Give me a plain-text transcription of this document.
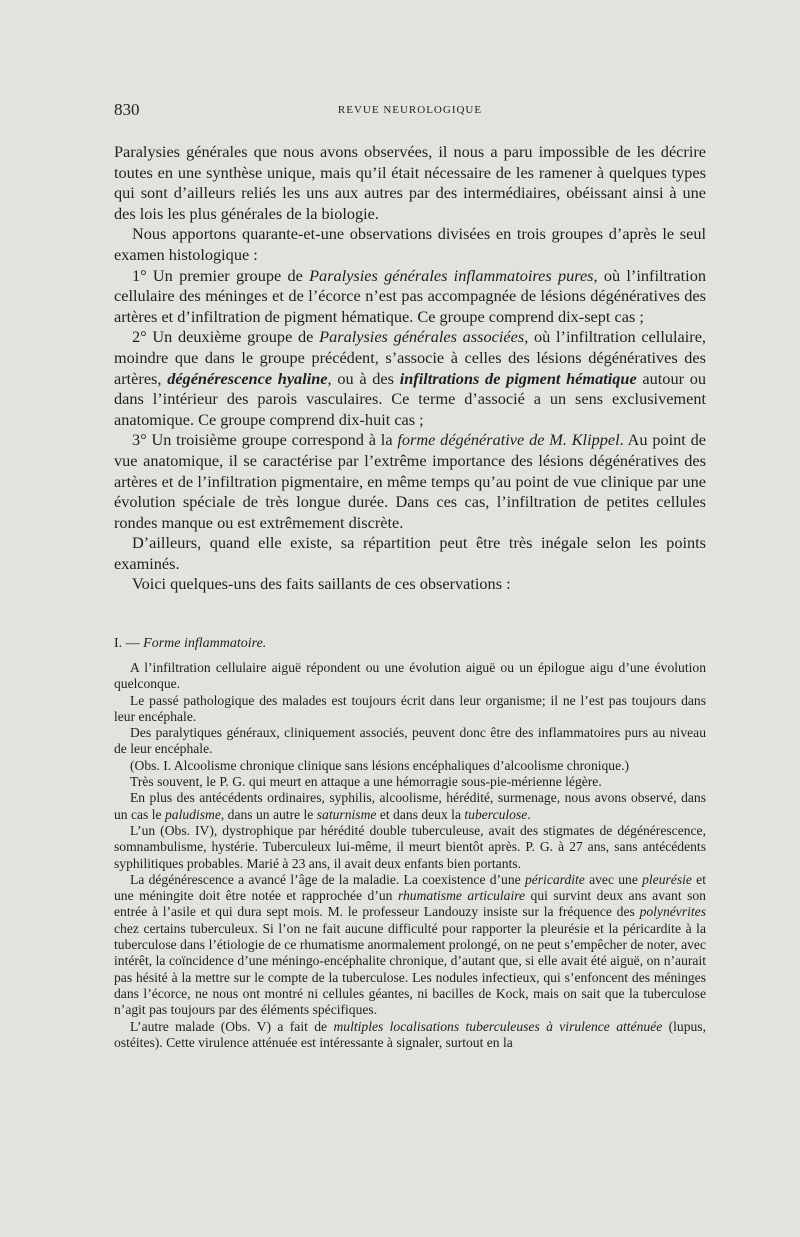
830	REVUE NEUROLOGIQUE

Paralysies générales que nous avons observées, il nous a paru impossible de les décrire toutes en une synthèse unique, mais qu’il était nécessaire de les ramener à quelques types qui sont d’ailleurs reliés les uns aux autres par des intermédiaires, obéissant ainsi à une des lois les plus générales de la biologie.

Nous apportons quarante-et-une observations divisées en trois groupes d’après le seul examen histologique :

1° Un premier groupe de Paralysies générales inflammatoires pures, où l’infiltration cellulaire des méninges et de l’écorce n’est pas accompagnée de lésions dégénératives des artères et d’infiltration de pigment hématique. Ce groupe comprend dix-sept cas ;

2° Un deuxième groupe de Paralysies générales associées, où l’infiltration cellulaire, moindre que dans le groupe précédent, s’associe à celles des lésions dégénératives des artères, dégénérescence hyaline, ou à des infiltrations de pigment hématique autour ou dans l’intérieur des parois vasculaires. Ce terme d’associé a un sens exclusivement anatomique. Ce groupe comprend dix-huit cas ;

3° Un troisième groupe correspond à la forme dégénérative de M. Klippel. Au point de vue anatomique, il se caractérise par l’extrême importance des lésions dégénératives des artères et de l’infiltration pigmentaire, en même temps qu’au point de vue clinique par une évolution spéciale de très longue durée. Dans ces cas, l’infiltration de petites cellules rondes manque ou est extrêmement discrète.

D’ailleurs, quand elle existe, sa répartition peut être très inégale selon les points examinés.

Voici quelques-uns des faits saillants de ces observations :

I. — Forme inflammatoire.

A l’infiltration cellulaire aiguë répondent ou une évolution aiguë ou un épilogue aigu d’une évolution quelconque.

Le passé pathologique des malades est toujours écrit dans leur organisme; il ne l’est pas toujours dans leur encéphale.

Des paralytiques généraux, cliniquement associés, peuvent donc être des inflammatoires purs au niveau de leur encéphale.

(Obs. I. Alcoolisme chronique clinique sans lésions encéphaliques d’alcoolisme chronique.)

Très souvent, le P. G. qui meurt en attaque a une hémorragie sous-pie-mérienne légère.

En plus des antécédents ordinaires, syphilis, alcoolisme, hérédité, surmenage, nous avons observé, dans un cas le paludisme, dans un autre le saturnisme et dans deux la tuberculose.

L’un (Obs. IV), dystrophique par hérédité double tuberculeuse, avait des stigmates de dégénérescence, somnambulisme, hystérie. Tuberculeux lui-même, il meurt bientôt après. P. G. à 27 ans, sans antécédents syphilitiques probables. Marié à 23 ans, il avait deux enfants bien portants.

La dégénérescence a avancé l’âge de la maladie. La coexistence d’une péricardite avec une pleurésie et une méningite doit être notée et rapprochée d’un rhumatisme articulaire qui survint deux ans avant son entrée à l’asile et qui dura sept mois. M. le professeur Landouzy insiste sur la fréquence des polynévrites chez certains tuberculeux. Si l’on ne fait aucune difficulté pour rapporter la pleurésie et la péricardite à la tuberculose dans l’étiologie de ce rhumatisme anormalement prolongé, on ne peut s’empêcher de noter, avec intérêt, la coïncidence d’une méningo-encéphalite chronique, d’autant que, si elle avait été aiguë, on n’aurait pas hésité à la mettre sur le compte de la tuberculose. Les nodules infectieux, qui s’enfoncent des méninges dans l’écorce, ne nous ont montré ni cellules géantes, ni bacilles de Kock, mais on sait que la tuberculose n’agit pas toujours par des éléments spécifiques.

L’autre malade (Obs. V) a fait de multiples localisations tuberculeuses à virulence atténuée (lupus, ostéites). Cette virulence atténuée est intéressante à signaler, surtout en la
